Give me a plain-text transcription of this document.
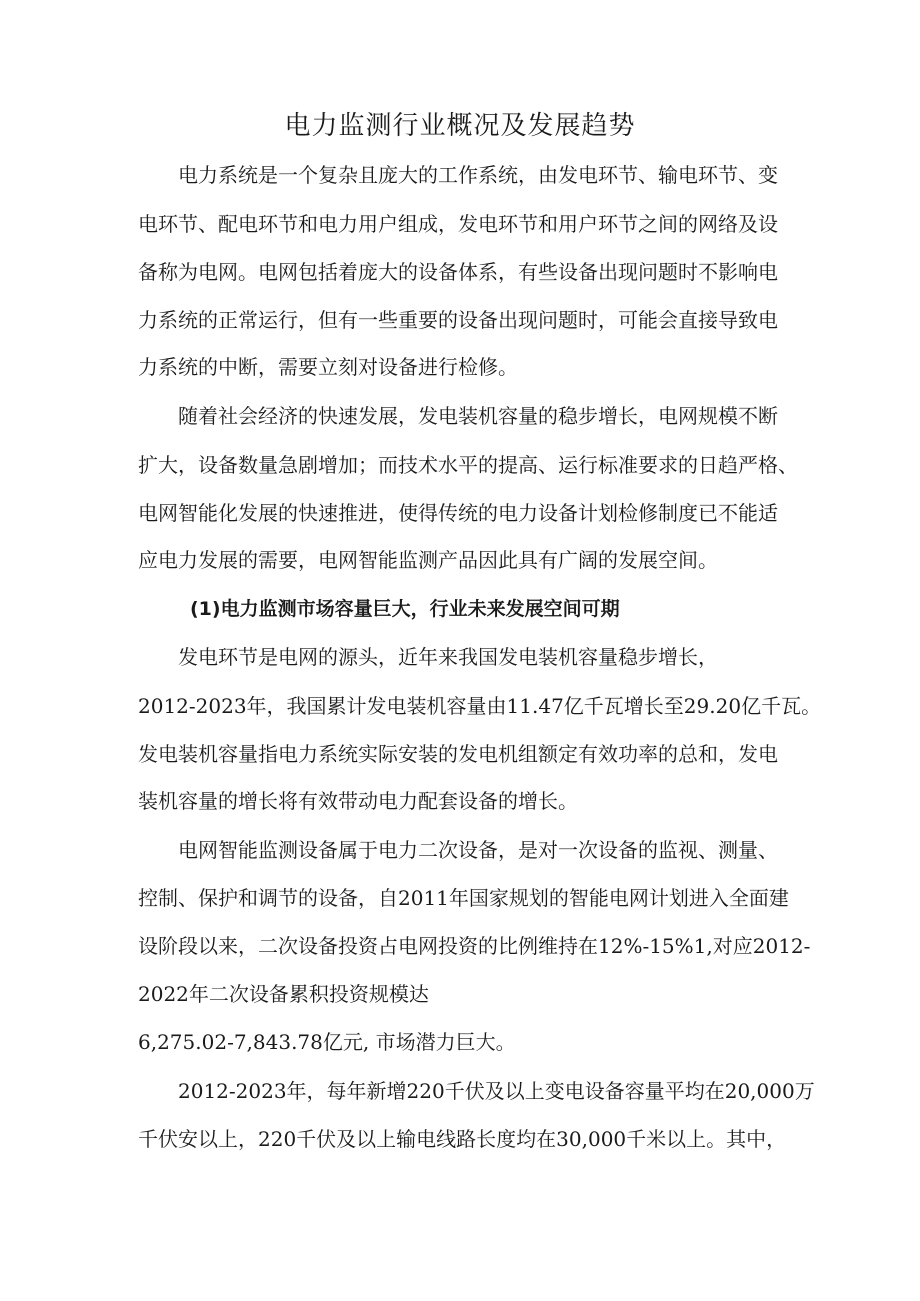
电力监测行业概况及发展趋势
电力系统是一个复杂且庞大的工作系统，由发电环节、输电环节、变
电环节、配电环节和电力用户组成，发电环节和用户环节之间的网络及设
备称为电网。电网包括着庞大的设备体系，有些设备出现问题时不影响电
力系统的正常运行，但有一些重要的设备出现问题时，可能会直接导致电
力系统的中断，需要立刻对设备进行检修。
随着社会经济的快速发展，发电装机容量的稳步增长，电网规模不断
扩大，设备数量急剧增加；而技术水平的提高、运行标准要求的日趋严格、
电网智能化发展的快速推进，使得传统的电力设备计划检修制度已不能适
应电力发展的需要，电网智能监测产品因此具有广阔的发展空间。
(1)电力监测市场容量巨大，行业未来发展空间可期
发电环节是电网的源头，近年来我国发电装机容量稳步增长，
2012-2023年，我国累计发电装机容量由11.47亿千瓦增长至29.20亿千瓦。
发电装机容量指电力系统实际安装的发电机组额定有效功率的总和，发电
装机容量的增长将有效带动电力配套设备的增长。
电网智能监测设备属于电力二次设备，是对一次设备的监视、测量、
控制、保护和调节的设备，自2011年国家规划的智能电网计划进入全面建
设阶段以来，二次设备投资占电网投资的比例维持在12%-15%1,对应2012-
2022年二次设备累积投资规模达
6,275.02-7,843.78亿元, 市场潜力巨大。
2012-2023年，每年新增220千伏及以上变电设备容量平均在20,000万
千伏安以上，220千伏及以上输电线路长度均在30,000千米以上。其中，
